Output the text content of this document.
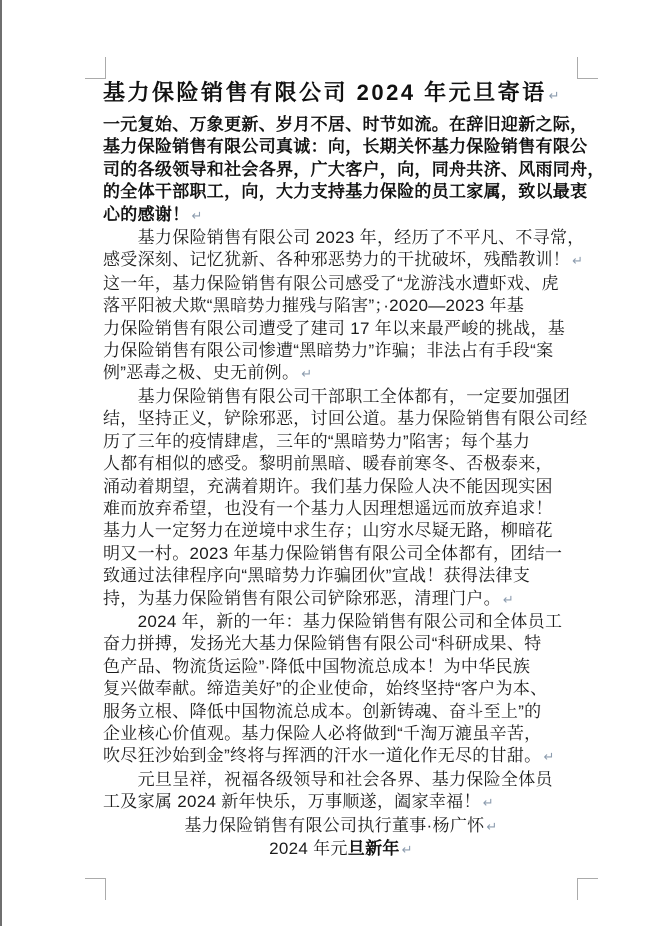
基力保险销售有限公司 2024 年元旦寄语 ↵
一元复始、万象更新、岁月不居、时节如流。在辞旧迎新之际，
基力保险销售有限公司真诚：向，长期关怀基力保险销售有限公
司的各级领导和社会各界，广大客户，向，同舟共济、风雨同舟，
的全体干部职工，向，大力支持基力保险的员工家属，致以最衷
心的感谢！ ↵
　　基力保险销售有限公司 2023 年，经历了不平凡、不寻常，
感受深刻、记忆犹新、各种邪恶势力的干扰破坏，残酷教训！ ↵
这一年，基力保险销售有限公司感受了“龙游浅水遭虾戏、虎
落平阳被犬欺“黑暗势力摧残与陷害”；·2020—2023 年基
力保险销售有限公司遭受了建司 17 年以来最严峻的挑战，基
力保险销售有限公司惨遭“黑暗势力”诈骗；非法占有手段“案
例”恶毒之极、史无前例。 ↵
　　基力保险销售有限公司干部职工全体都有，一定要加强团
结，坚持正义，铲除邪恶，讨回公道。基力保险销售有限公司经
历了三年的疫情肆虐，三年的“黑暗势力”陷害；每个基力
人都有相似的感受。黎明前黑暗、暖春前寒冬、否极泰来，
涌动着期望，充满着期许。我们基力保险人决不能因现实困
难而放弃希望，也没有一个基力人因理想遥远而放弃追求！
基力人一定努力在逆境中求生存；山穷水尽疑无路，柳暗花
明又一村。2023 年基力保险销售有限公司全体都有，团结一
致通过法律程序向“黑暗势力诈骗团伙”宣战！获得法律支
持，为基力保险销售有限公司铲除邪恶，清理门户。 ↵
　　2024 年，新的一年：基力保险销售有限公司和全体员工
奋力拼搏，发扬光大基力保险销售有限公司“科研成果、特
色产品、物流货运险”·降低中国物流总成本！为中华民族
复兴做奉献。缔造美好”的企业使命，始终坚持“客户为本、
服务立根、降低中国物流总成本。创新铸魂、奋斗至上”的
企业核心价值观。基力保险人必将做到“千淘万漉虽辛苦，
吹尽狂沙始到金”终将与挥洒的汗水一道化作无尽的甘甜。 ↵
　　元旦呈祥，祝福各级领导和社会各界、基力保险全体员
工及家属 2024 新年快乐，万事顺遂，阖家幸福！ ↵
基力保险销售有限公司执行董事·杨广怀 ↵
2024 年元旦新年 ↵
